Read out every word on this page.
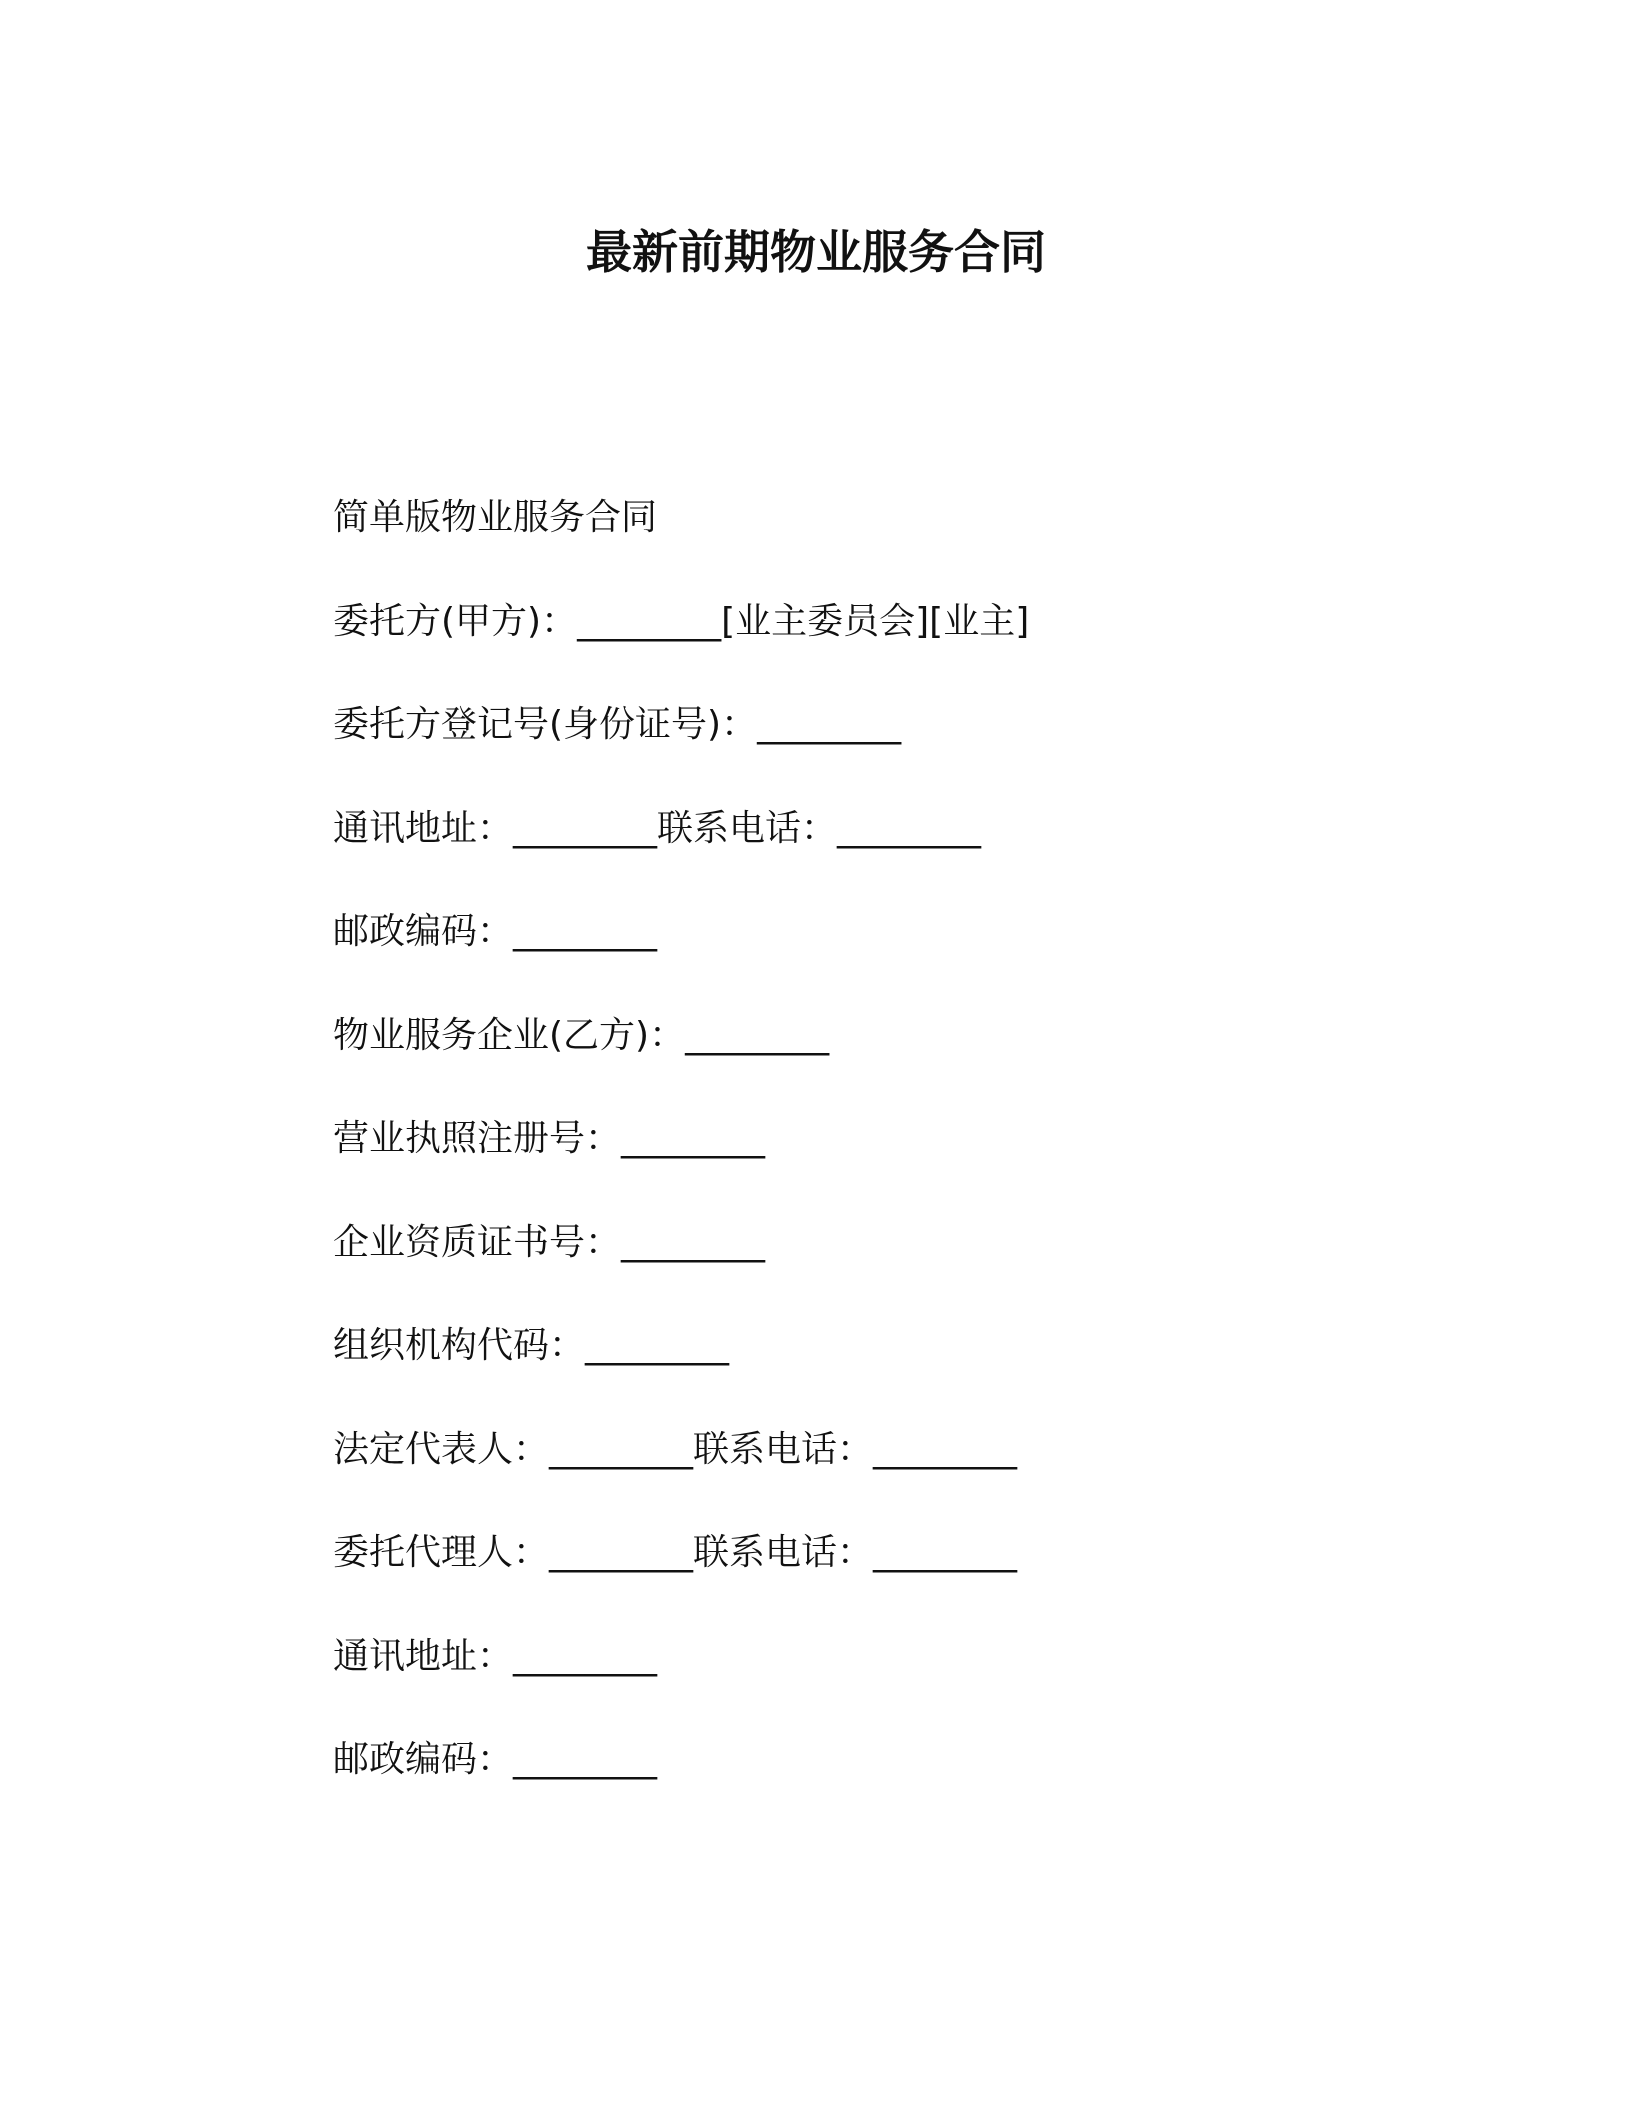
最新前期物业服务合同
简单版物业服务合同
委托方(甲方)：________[业主委员会][业主]
委托方登记号(身份证号)：________
通讯地址：________联系电话：________
邮政编码：________
物业服务企业(乙方)：________
营业执照注册号：________
企业资质证书号：________
组织机构代码：________
法定代表人：________联系电话：________
委托代理人：________联系电话：________
通讯地址：________
邮政编码：________
